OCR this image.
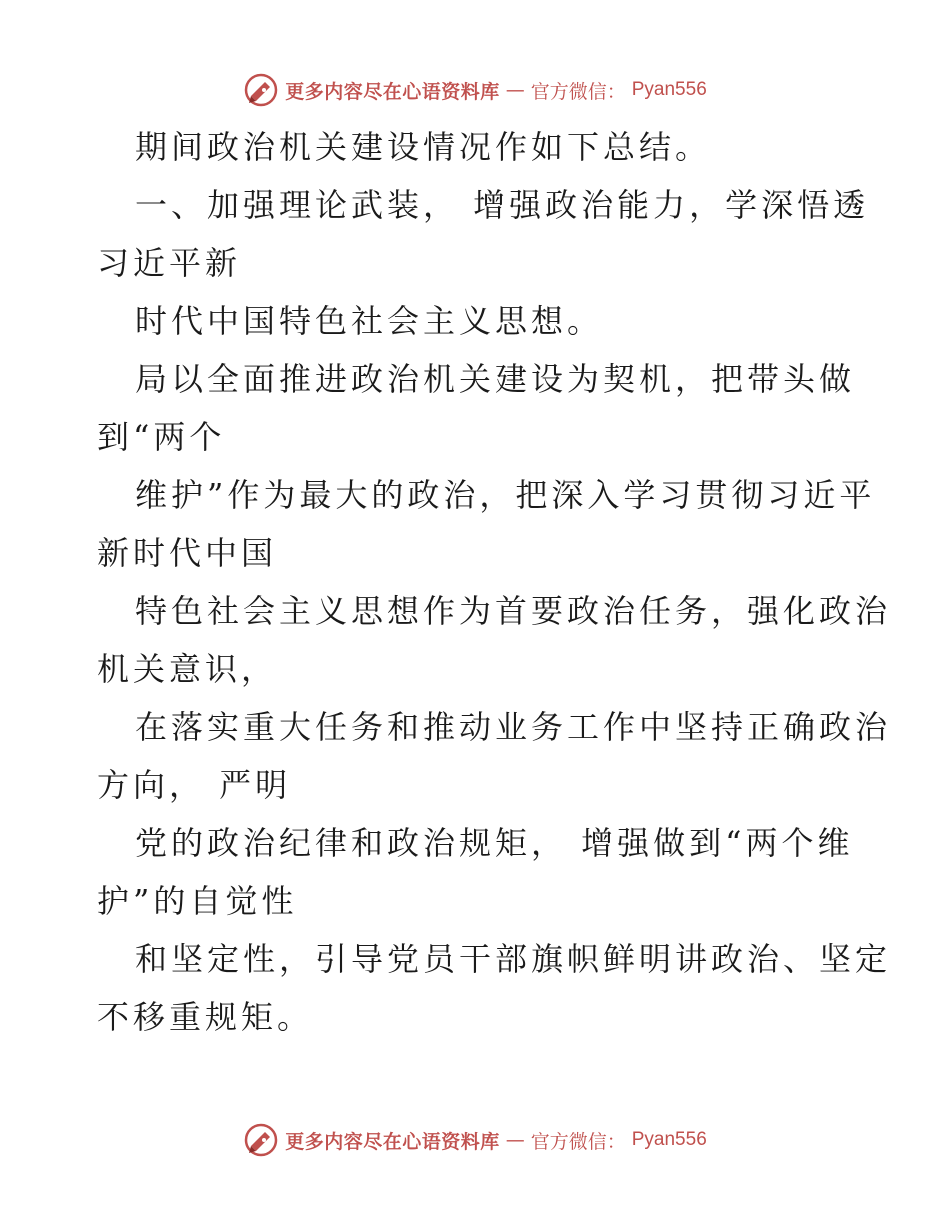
更多内容尽在心语资料库 — 官方微信： Pyan556

期间政治机关建设情况作如下总结。

一、加强理论武装， 增强政治能力，学深悟透

习近平新

时代中国特色社会主义思想。

局以全面推进政治机关建设为契机，把带头做

到“两个

维护”作为最大的政治，把深入学习贯彻习近平

新时代中国

特色社会主义思想作为首要政治任务，强化政治

机关意识，

在落实重大任务和推动业务工作中坚持正确政治

方向， 严明

党的政治纪律和政治规矩， 增强做到“两个维

护”的自觉性

和坚定性，引导党员干部旗帜鲜明讲政治、坚定

不移重规矩。

更多内容尽在心语资料库 — 官方微信： Pyan556
